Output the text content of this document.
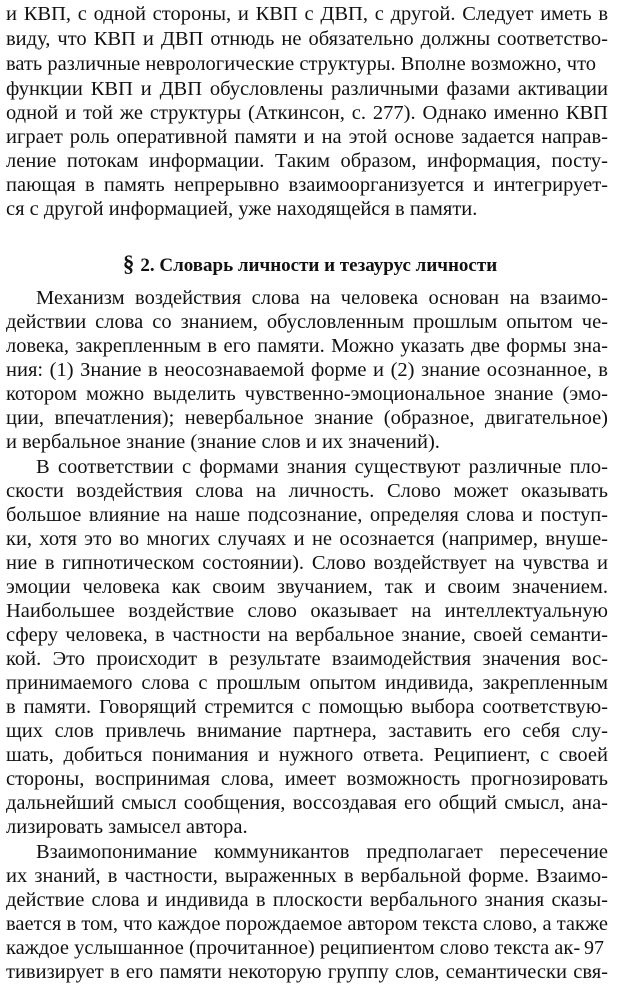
и КВП, с одной стороны, и КВП с ДВП, с другой. Следует иметь в

виду, что КВП и ДВП отнюдь не обязательно должны соответство-

вать различные неврологические структуры. Вполне возможно, что

функции КВП и ДВП обусловлены различными фазами активации

одной и той же структуры (Аткинсон, с. 277). Однако именно КВП

играет роль оперативной памяти и на этой основе задается направ-

ление потокам информации. Таким образом, информация, посту-

пающая в память непрерывно взаимоорганизуется и интегрирует-

ся с другой информацией, уже находящейся в памяти.

§ 2. Словарь личности и тезаурус личности

Механизм воздействия слова на человека основан на взаимо-

действии слова со знанием, обусловленным прошлым опытом че-

ловека, закрепленным в его памяти. Можно указать две формы зна-

ния: (1) Знание в неосознаваемой форме и (2) знание осознанное, в

котором можно выделить чувственно-эмоциональное знание (эмо-

ции, впечатления); невербальное знание (образное, двигательное)

и вербальное знание (знание слов и их значений).

В соответствии с формами знания существуют различные пло-

скости воздействия слова на личность. Слово может оказывать

большое влияние на наше подсознание, определяя слова и поступ-

ки, хотя это во многих случаях и не осознается (например, внуше-

ние в гипнотическом состоянии). Слово воздействует на чувства и

эмоции человека как своим звучанием, так и своим значением.

Наибольшее воздействие слово оказывает на интеллектуальную

сферу человека, в частности на вербальное знание, своей семанти-

кой. Это происходит в результате взаимодействия значения вос-

принимаемого слова с прошлым опытом индивида, закрепленным

в памяти. Говорящий стремится с помощью выбора соответствую-

щих слов привлечь внимание партнера, заставить его себя слу-

шать, добиться понимания и нужного ответа. Реципиент, с своей

стороны, воспринимая слова, имеет возможность прогнозировать

дальнейший смысл сообщения, воссоздавая его общий смысл, ана-

лизировать замысел автора.

Взаимопонимание коммуникантов предполагает пересечение

их знаний, в частности, выраженных в вербальной форме. Взаимо-

действие слова и индивида в плоскости вербального знания сказы-

вается в том, что каждое порождаемое автором текста слово, а также

каждое услышанное (прочитанное) реципиентом слово текста ак-

тивизирует в его памяти некоторую группу слов, семантически свя-

97
